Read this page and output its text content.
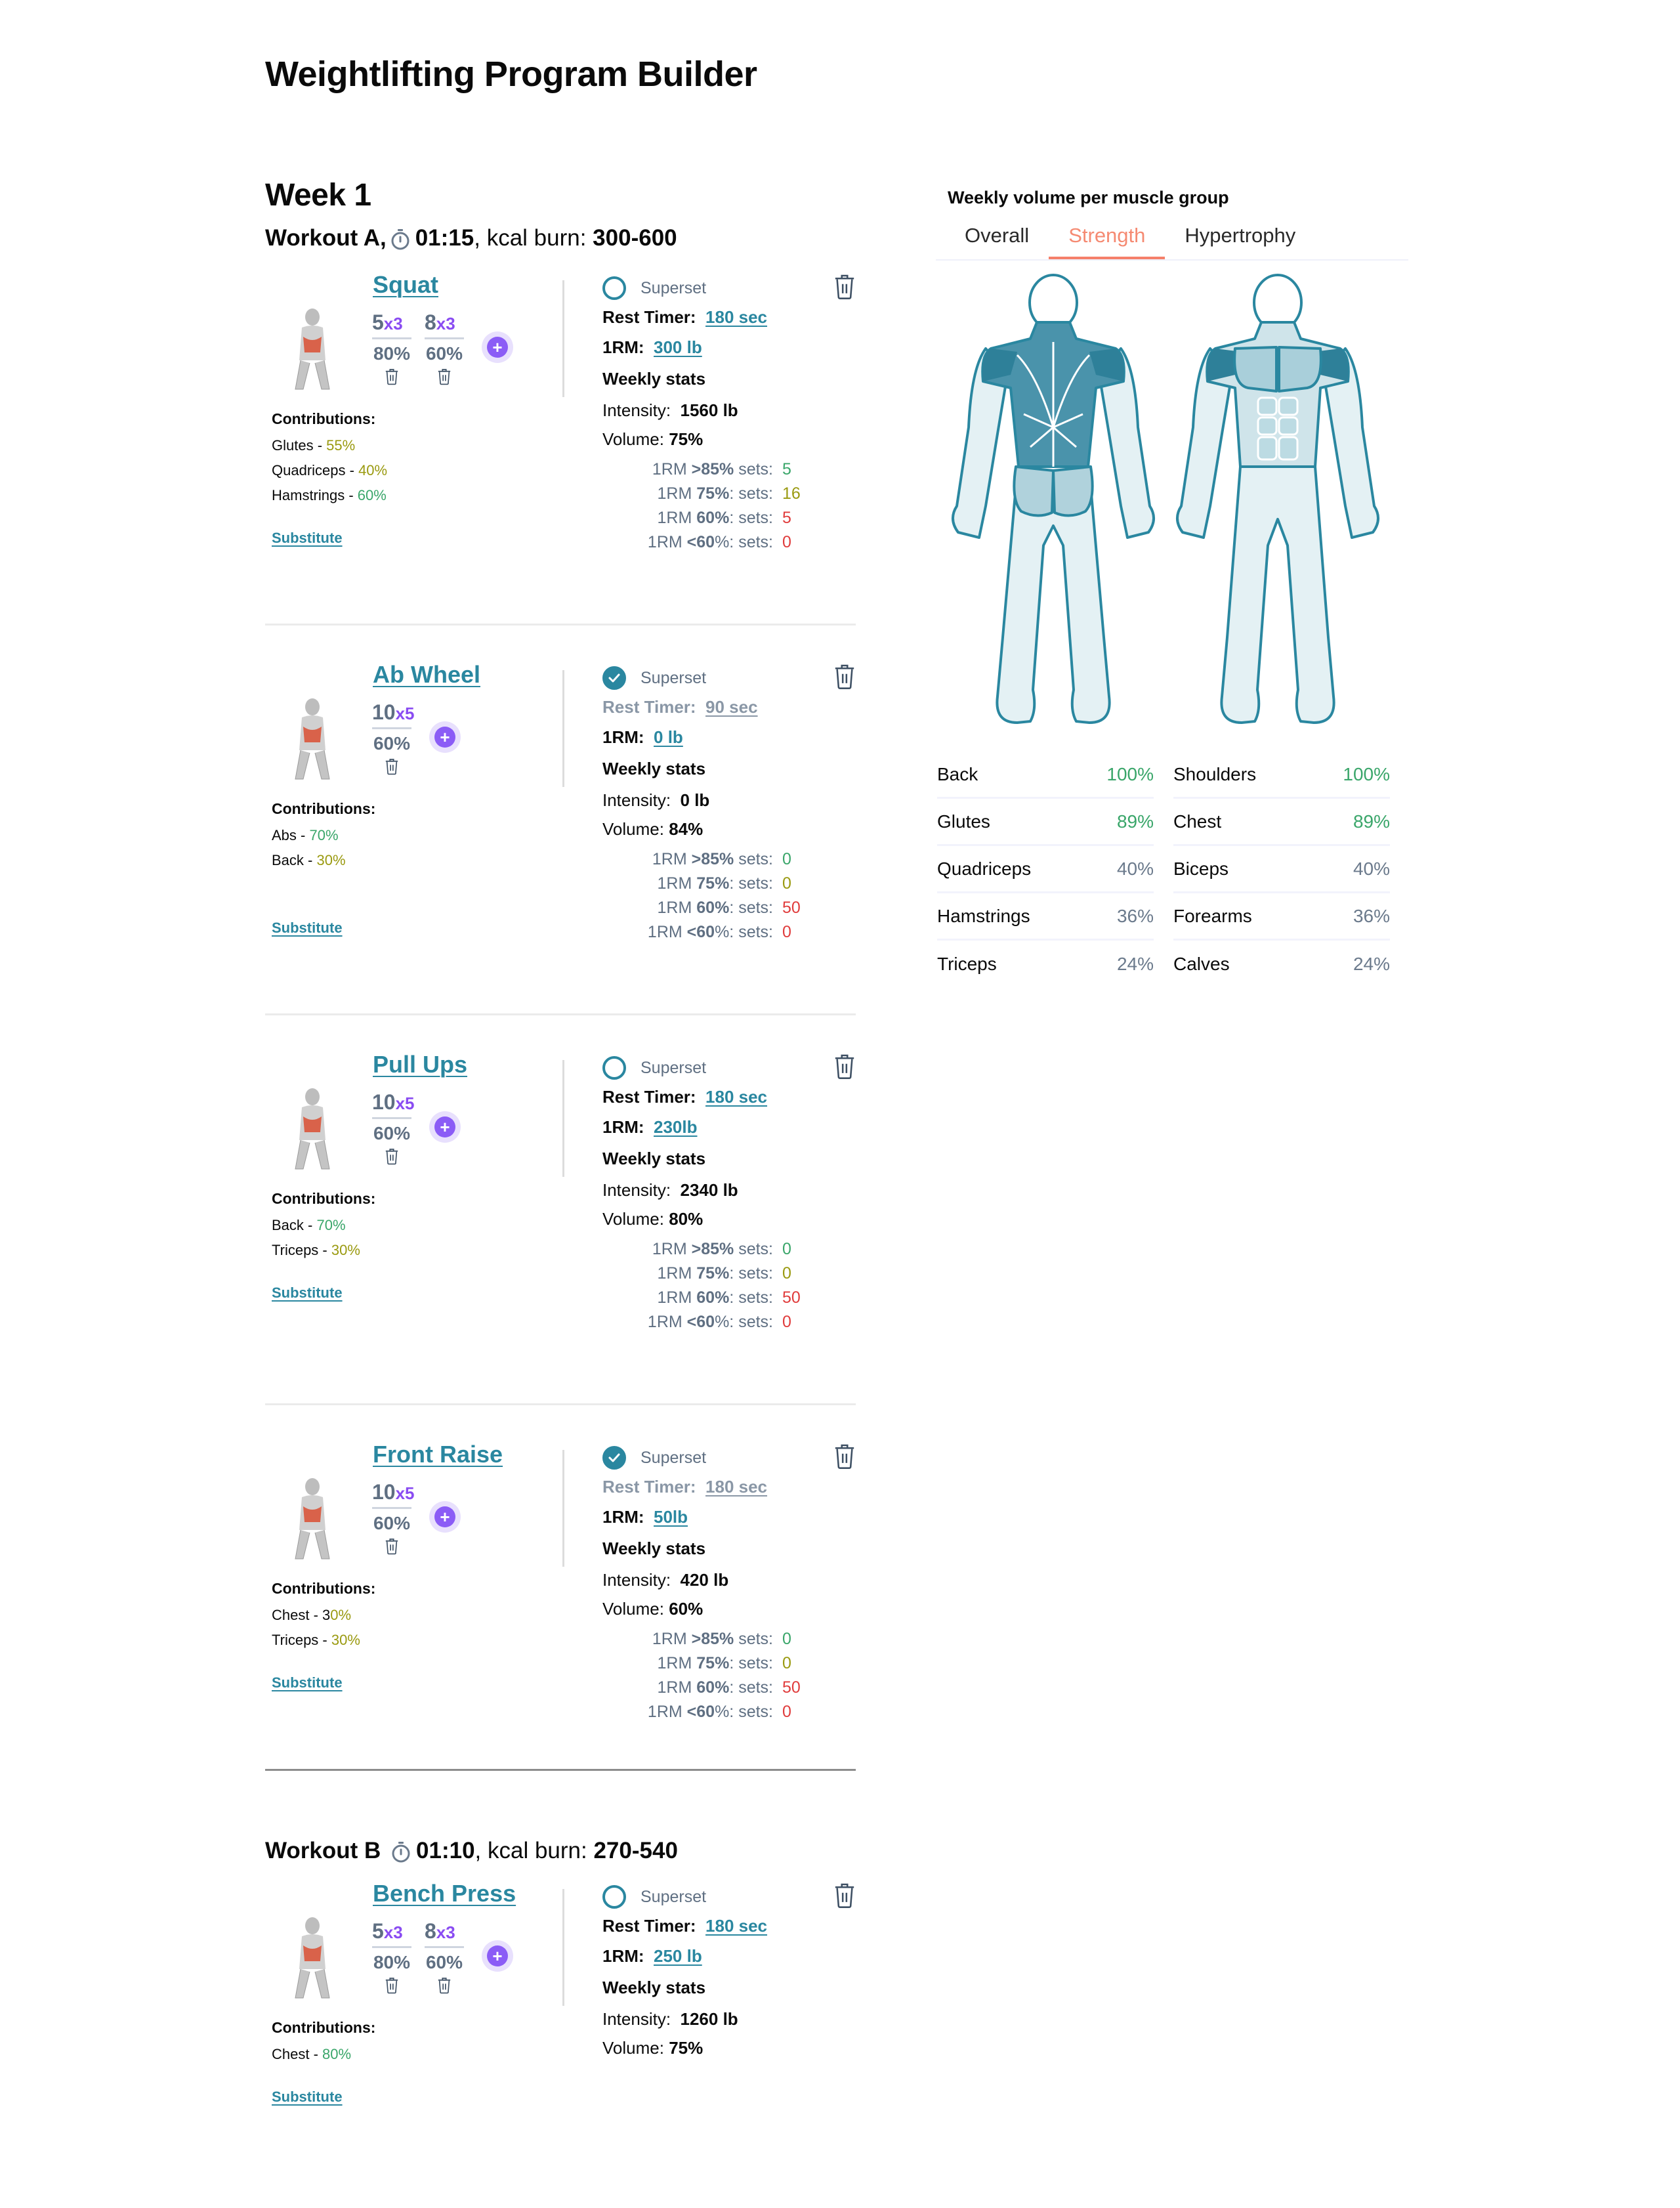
Weightlifting Program Builder
Week 1
Workout A, 01:15 , kcal burn: 300-600
Squat
5x3
80%
8x3
60%	+
Contributions:
Glutes - 55%
Quadriceps - 40%
Hamstrings - 60%
Substitute
Superset
Rest Timer: 180 sec
1RM: 300 lb
Weekly stats
Intensity: 1560 lb
Volume: 75%
1RM >85% sets: 5
1RM 75%: sets: 16
1RM 60%: sets: 5
1RM <60%: sets: 0
Ab Wheel
10x5
60%	+
Contributions:
Abs - 70%
Back - 30%
Substitute
Superset
Rest Timer: 90 sec
1RM: 0 lb
Weekly stats
Intensity: 0 lb
Volume: 84%
1RM >85% sets: 0
1RM 75%: sets: 0
1RM 60%: sets: 50
1RM <60%: sets: 0
Pull Ups
10x5
60%	+
Contributions:
Back - 70%
Triceps - 30%
Substitute
Superset
Rest Timer: 180 sec
1RM: 230lb
Weekly stats
Intensity: 2340 lb
Volume: 80%
1RM >85% sets: 0
1RM 75%: sets: 0
1RM 60%: sets: 50
1RM <60%: sets: 0
Front Raise
10x5
60%	+
Contributions:
Chest - 30%
Triceps - 30%
Substitute
Superset
Rest Timer: 180 sec
1RM: 50lb
Weekly stats
Intensity: 420 lb
Volume: 60%
1RM >85% sets: 0
1RM 75%: sets: 0
1RM 60%: sets: 50
1RM <60%: sets: 0
Workout B 01:10 , kcal burn: 270-540
Bench Press
5x3
80%
8x3
60%	+
Contributions:
Chest - 80%
Substitute
Superset
Rest Timer: 180 sec
1RM: 250 lb
Weekly stats
Intensity: 1260 lb
Volume: 75%
Weekly volume per muscle group
Overall	Strength	Hypertrophy
Back	100% Shoulders	100%
Glutes	89% Chest	89%
Quadriceps	40% Biceps	40%
Hamstrings	36% Forearms	36%
Triceps	24% Calves	24%
